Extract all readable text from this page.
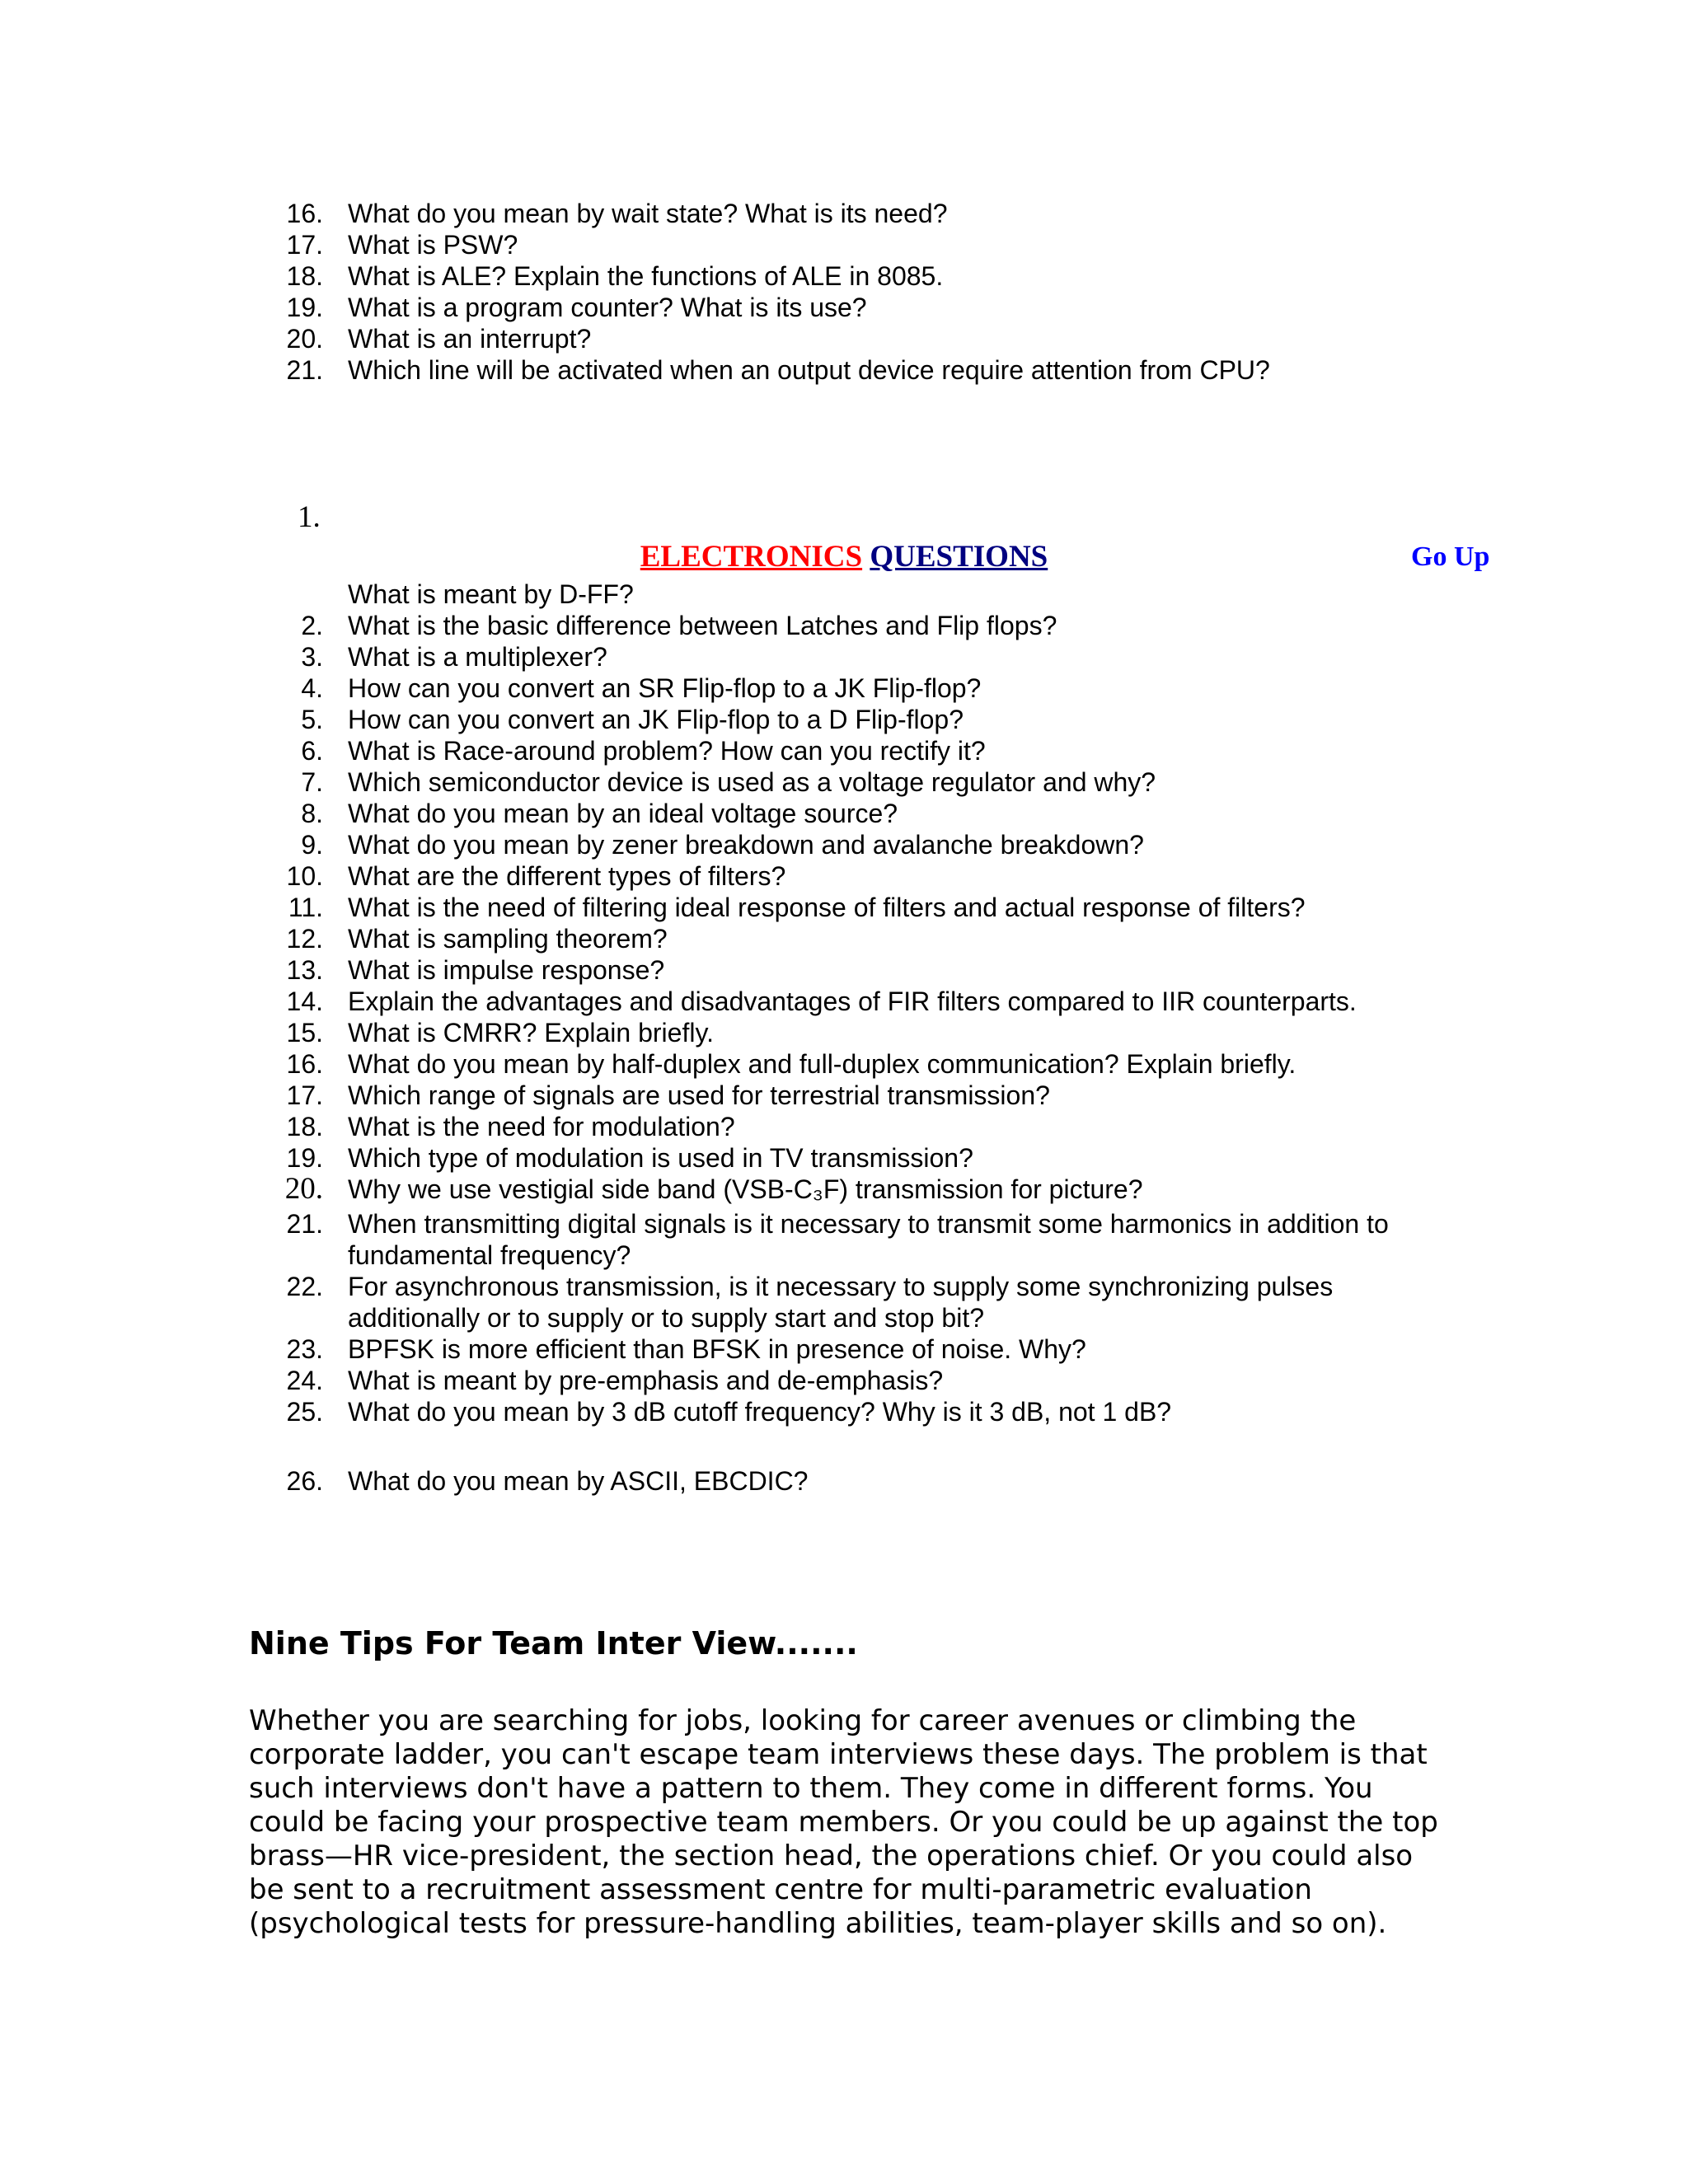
16. What do you mean by wait state? What is its need?
17. What is PSW?
18. What is ALE? Explain the functions of ALE in 8085.
19. What is a program counter? What is its use?
20. What is an interrupt?
21. Which line will be activated when an output device require attention from CPU?
1.
ELECTRONICS QUESTIONS	Go Up
What is meant by D-FF?
2. What is the basic difference between Latches and Flip flops?
3. What is a multiplexer?
4. How can you convert an SR Flip-flop to a JK Flip-flop?
5. How can you convert an JK Flip-flop to a D Flip-flop?
6. What is Race-around problem? How can you rectify it?
7. Which semiconductor device is used as a voltage regulator and why?
8. What do you mean by an ideal voltage source?
9. What do you mean by zener breakdown and avalanche breakdown?
10. What are the different types of filters?
11. What is the need of filtering ideal response of filters and actual response of filters?
12. What is sampling theorem?
13. What is impulse response?
14. Explain the advantages and disadvantages of FIR filters compared to IIR counterparts.
15. What is CMRR? Explain briefly.
16. What do you mean by half-duplex and full-duplex communication? Explain briefly.
17. Which range of signals are used for terrestrial transmission?
18. What is the need for modulation?
19. Which type of modulation is used in TV transmission?
20. Why we use vestigial side band (VSB-C₃F) transmission for picture?
21. When transmitting digital signals is it necessary to transmit some harmonics in addition to fundamental frequency?
22. For asynchronous transmission, is it necessary to supply some synchronizing pulses additionally or to supply or to supply start and stop bit?
23. BPFSK is more efficient than BFSK in presence of noise. Why?
24. What is meant by pre-emphasis and de-emphasis?
25. What do you mean by 3 dB cutoff frequency? Why is it 3 dB, not 1 dB?
26. What do you mean by ASCII, EBCDIC?
Nine Tips For Team Inter View.......

Whether you are searching for jobs, looking for career avenues or climbing the
corporate ladder, you can't escape team interviews these days. The problem is that
such interviews don't have a pattern to them. They come in different forms. You
could be facing your prospective team members. Or you could be up against the top
brass—HR vice-president, the section head, the operations chief. Or you could also
be sent to a recruitment assessment centre for multi-parametric evaluation
(psychological tests for pressure-handling abilities, team-player skills and so on).
